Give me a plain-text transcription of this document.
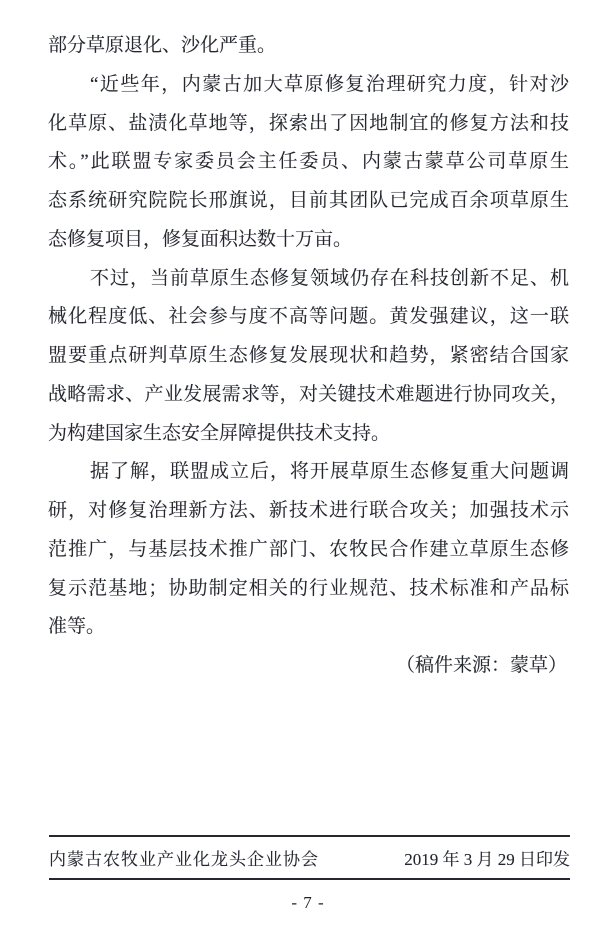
部分草原退化、沙化严重。
“近些年，内蒙古加大草原修复治理研究力度，针对沙
化草原、盐渍化草地等，探索出了因地制宜的修复方法和技
术。”此联盟专家委员会主任委员、内蒙古蒙草公司草原生
态系统研究院院长邢旗说，目前其团队已完成百余项草原生
态修复项目，修复面积达数十万亩。
不过，当前草原生态修复领域仍存在科技创新不足、机
械化程度低、社会参与度不高等问题。黄发强建议，这一联
盟要重点研判草原生态修复发展现状和趋势，紧密结合国家
战略需求、产业发展需求等，对关键技术难题进行协同攻关，
为构建国家生态安全屏障提供技术支持。
据了解，联盟成立后，将开展草原生态修复重大问题调
研，对修复治理新方法、新技术进行联合攻关；加强技术示
范推广，与基层技术推广部门、农牧民合作建立草原生态修
复示范基地；协助制定相关的行业规范、技术标准和产品标
准等。
（稿件来源：蒙草）
内蒙古农牧业产业化龙头企业协会	2019 年 3 月 29 日印发
- 7 -
